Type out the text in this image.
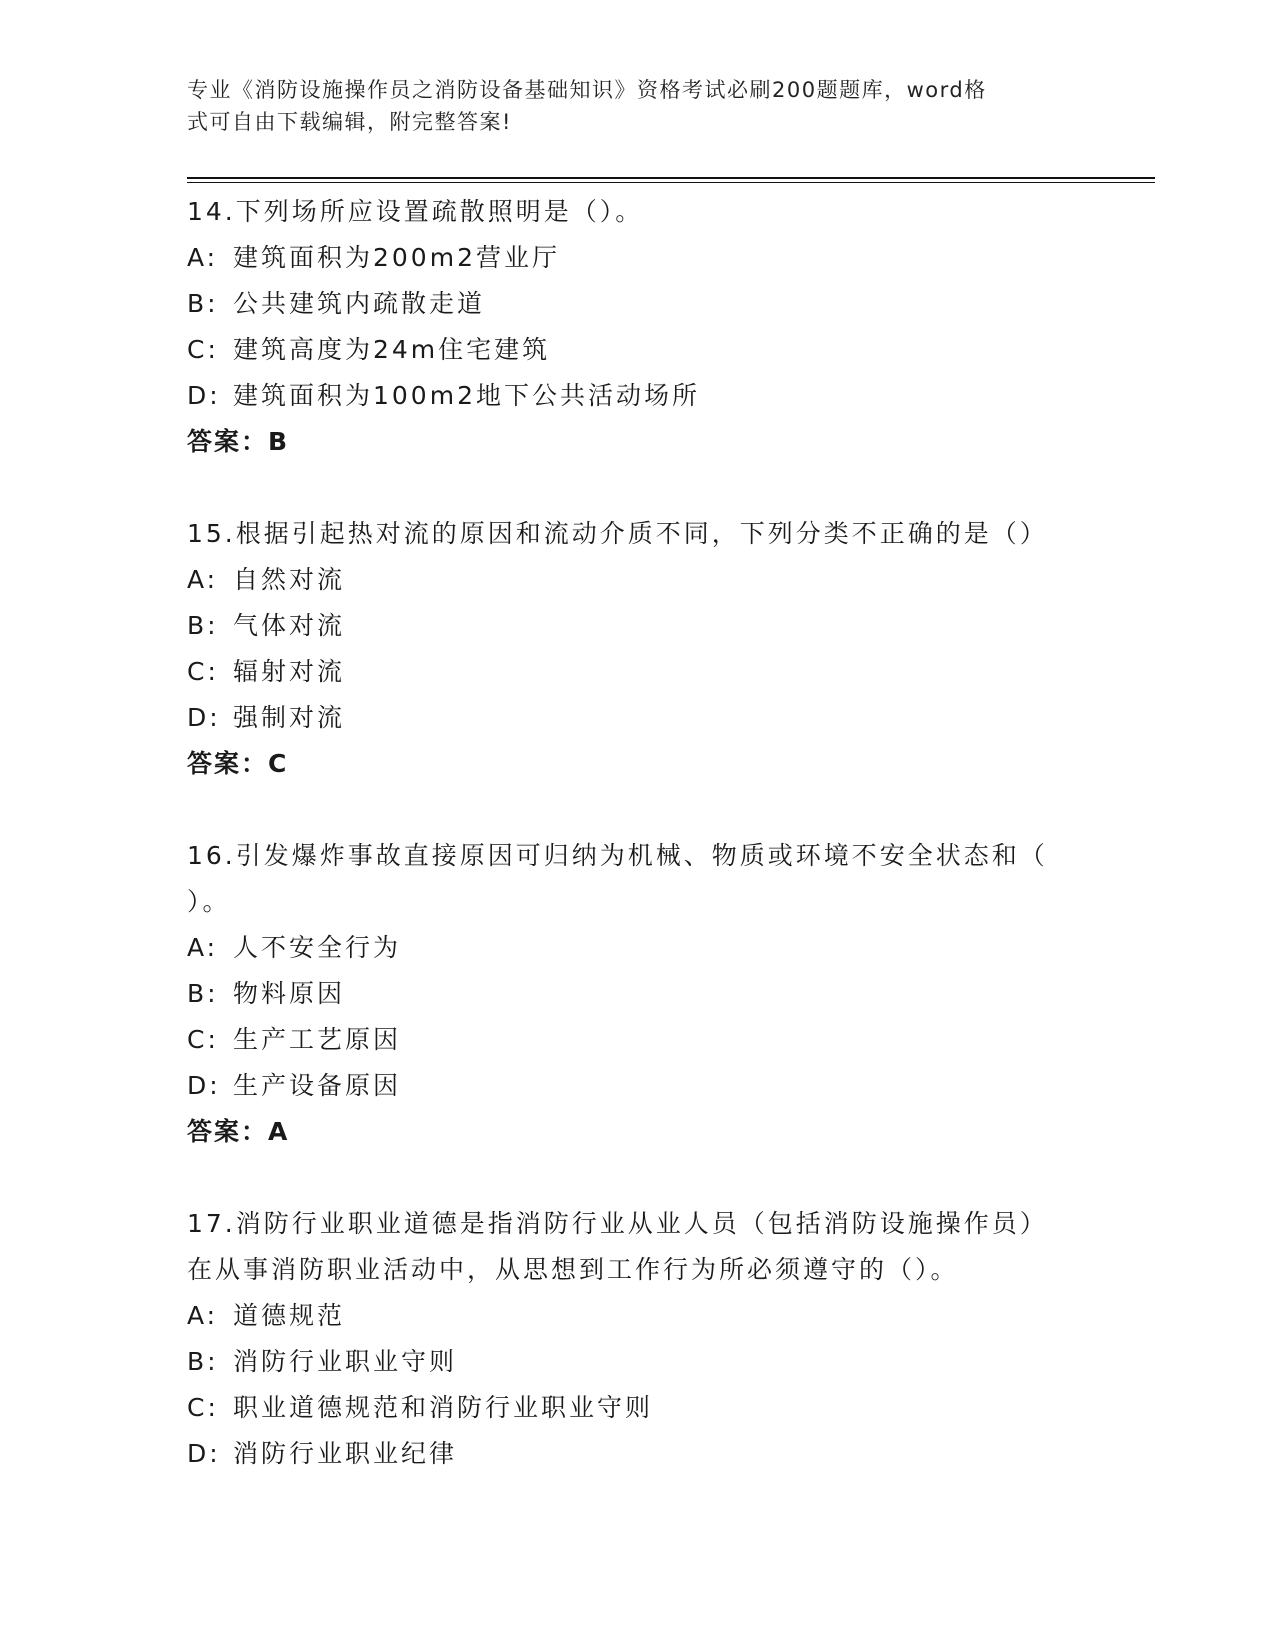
专业《消防设施操作员之消防设备基础知识》资格考试必刷200题题库，word格
式可自由下载编辑，附完整答案!
14.下列场所应设置疏散照明是（）。
A: 建筑面积为200m2营业厅
B: 公共建筑内疏散走道
C: 建筑高度为24m住宅建筑
D: 建筑面积为100m2地下公共活动场所
答案：B
15.根据引起热对流的原因和流动介质不同，下列分类不正确的是（）
A: 自然对流
B: 气体对流
C: 辐射对流
D: 强制对流
答案：C
16.引发爆炸事故直接原因可归纳为机械、物质或环境不安全状态和（
）。
A: 人不安全行为
B: 物料原因
C: 生产工艺原因
D: 生产设备原因
答案：A
17.消防行业职业道德是指消防行业从业人员（包括消防设施操作员）
在从事消防职业活动中，从思想到工作行为所必须遵守的（）。
A: 道德规范
B: 消防行业职业守则
C: 职业道德规范和消防行业职业守则
D: 消防行业职业纪律
